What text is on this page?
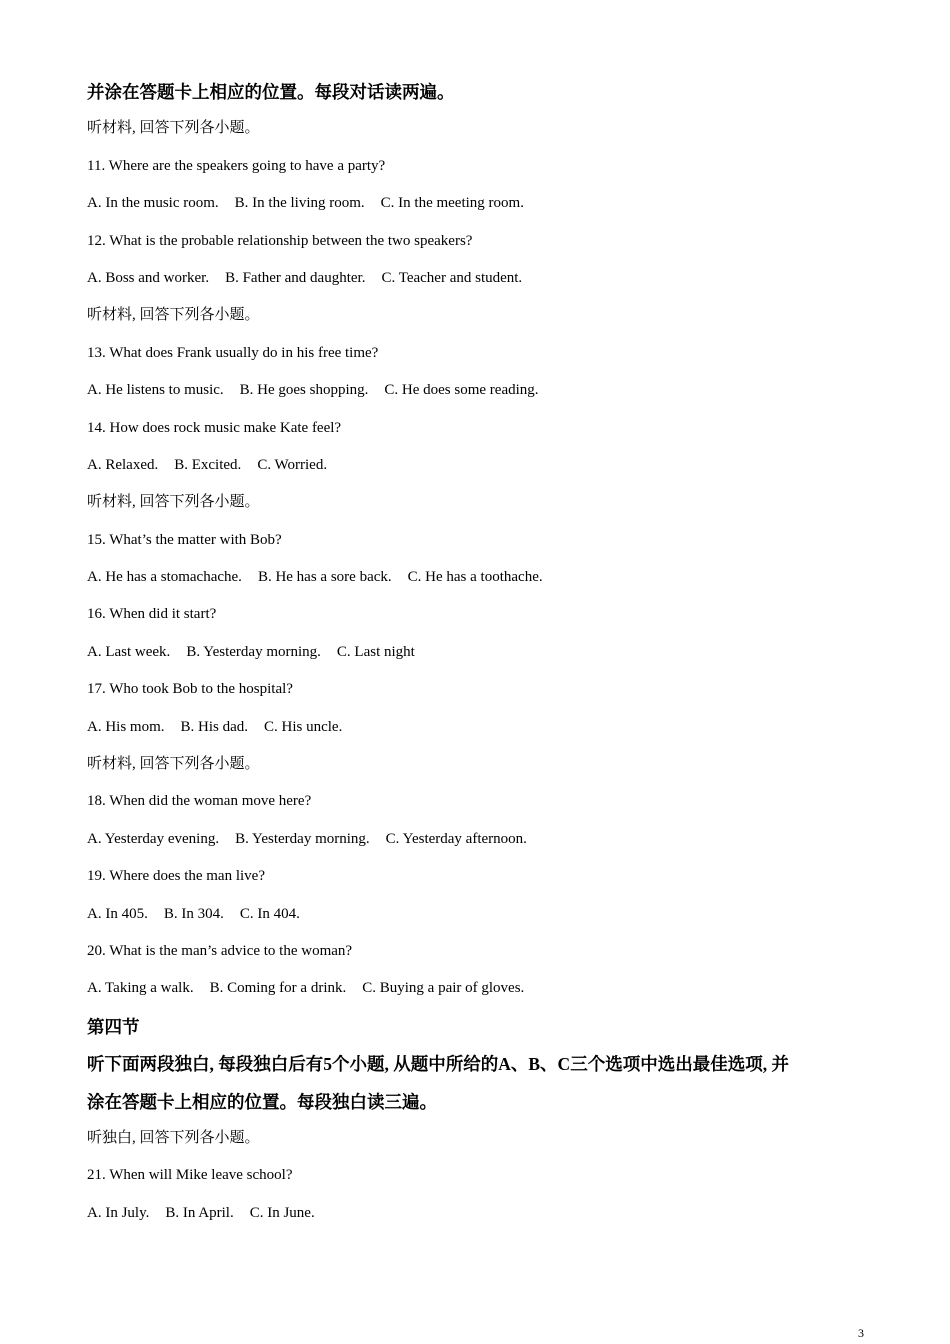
并涂在答题卡上相应的位置。每段对话读两遍。
听材料, 回答下列各小题。
11. Where are the speakers going to have a party?
A. In the music room. B. In the living room. C. In the meeting room.
12. What is the probable relationship between the two speakers?
A. Boss and worker. B. Father and daughter. C. Teacher and student.
听材料, 回答下列各小题。
13. What does Frank usually do in his free time?
A. He listens to music. B. He goes shopping. C. He does some reading.
14. How does rock music make Kate feel?
A. Relaxed. B. Excited. C. Worried.
听材料, 回答下列各小题。
15. What’s the matter with Bob?
A. He has a stomachache. B. He has a sore back. C. He has a toothache.
16. When did it start?
A. Last week. B. Yesterday morning. C. Last night
17. Who took Bob to the hospital?
A. His mom. B. His dad. C. His uncle.
听材料, 回答下列各小题。
18. When did the woman move here?
A. Yesterday evening. B. Yesterday morning. C. Yesterday afternoon.
19. Where does the man live?
A. In 405. B. In 304. C. In 404.
20. What is the man’s advice to the woman?
A. Taking a walk. B. Coming for a drink. C. Buying a pair of gloves.
第四节
听下面两段独白, 每段独白后有5个小题, 从题中所给的A、B、C三个选项中选出最佳选项, 并
涂在答题卡上相应的位置。每段独白读三遍。
听独白, 回答下列各小题。
21. When will Mike leave school?
A. In July. B. In April. C. In June.
3
